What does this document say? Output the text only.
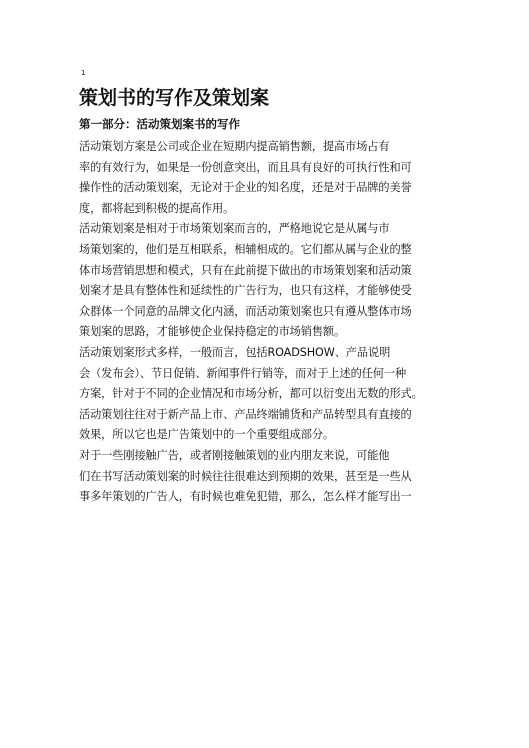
1
策划书的写作及策划案
第一部分：活动策划案书的写作
活动策划方案是公司或企业在短期内提高销售额，提高市场占有
率的有效行为，如果是一份创意突出，而且具有良好的可执行性和可
操作性的活动策划案，无论对于企业的知名度，还是对于品牌的美誉
度，都将起到积极的提高作用。
活动策划案是相对于市场策划案而言的，严格地说它是从属与市
场策划案的，他们是互相联系，相辅相成的。它们都从属与企业的整
体市场营销思想和模式，只有在此前提下做出的市场策划案和活动策
划案才是具有整体性和延续性的广告行为，也只有这样，才能够使受
众群体一个同意的品牌文化内涵，而活动策划案也只有遵从整体市场
策划案的思路，才能够使企业保持稳定的市场销售额。
活动策划案形式多样，一般而言，包括ROADSHOW、产品说明
会（发布会）、节日促销、新闻事件行销等，而对于上述的任何一种
方案，针对于不同的企业情况和市场分析，都可以衍变出无数的形式。
活动策划往往对于新产品上市、产品终端铺货和产品转型具有直接的
效果，所以它也是广告策划中的一个重要组成部分。
对于一些刚接触广告，或者刚接触策划的业内朋友来说，可能他
们在书写活动策划案的时候往往很难达到预期的效果，甚至是一些从
事多年策划的广告人，有时候也难免犯错，那么，怎么样才能写出一
